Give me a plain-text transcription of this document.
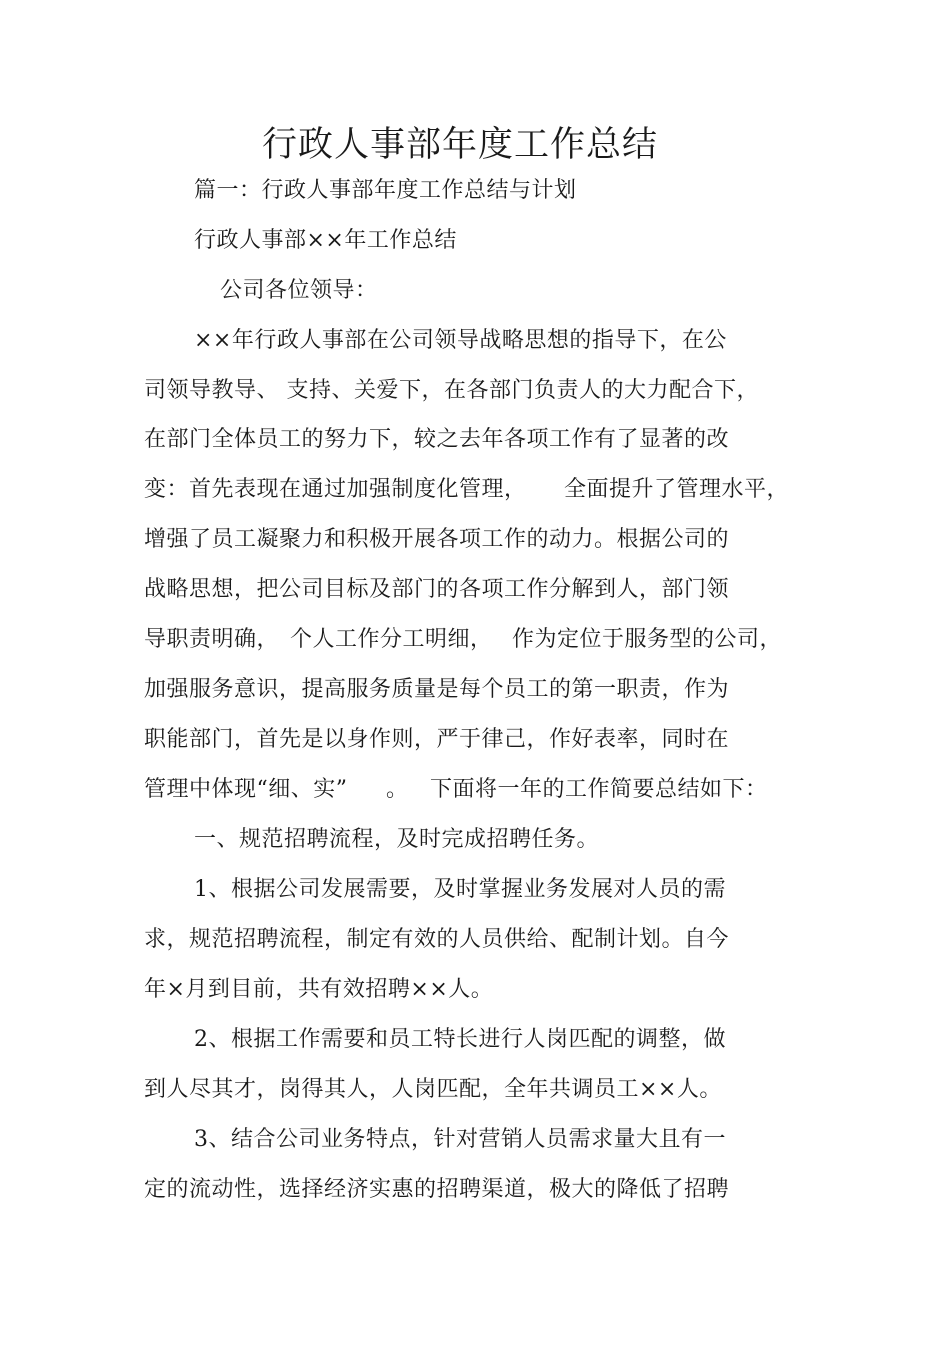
行政人事部年度工作总结

篇一：行政人事部年度工作总结与计划

行政人事部××年工作总结

公司各位领导：

××年行政人事部在公司领导战略思想的指导下，在公

司领导教导、 支持、关爱下，在各部门负责人的大力配合下，

在部门全体员工的努力下，较之去年各项工作有了显著的改

变：首先表现在通过加强制度化管理， 全面提升了管理水平，

增强了员工凝聚力和积极开展各项工作的动力。根据公司的

战略思想，把公司目标及部门的各项工作分解到人，部门领

导职责明确， 个人工作分工明细， 作为定位于服务型的公司，

加强服务意识，提高服务质量是每个员工的第一职责，作为

职能部门，首先是以身作则，严于律己，作好表率，同时在

管理中体现“细、实” 。 下面将一年的工作简要总结如下：

一、规范招聘流程，及时完成招聘任务。

1、根据公司发展需要，及时掌握业务发展对人员的需

求，规范招聘流程，制定有效的人员供给、配制计划。自今

年×月到目前，共有效招聘××人。

2、根据工作需要和员工特长进行人岗匹配的调整，做

到人尽其才，岗得其人，人岗匹配，全年共调员工××人。

3、结合公司业务特点，针对营销人员需求量大且有一

定的流动性，选择经济实惠的招聘渠道，极大的降低了招聘
